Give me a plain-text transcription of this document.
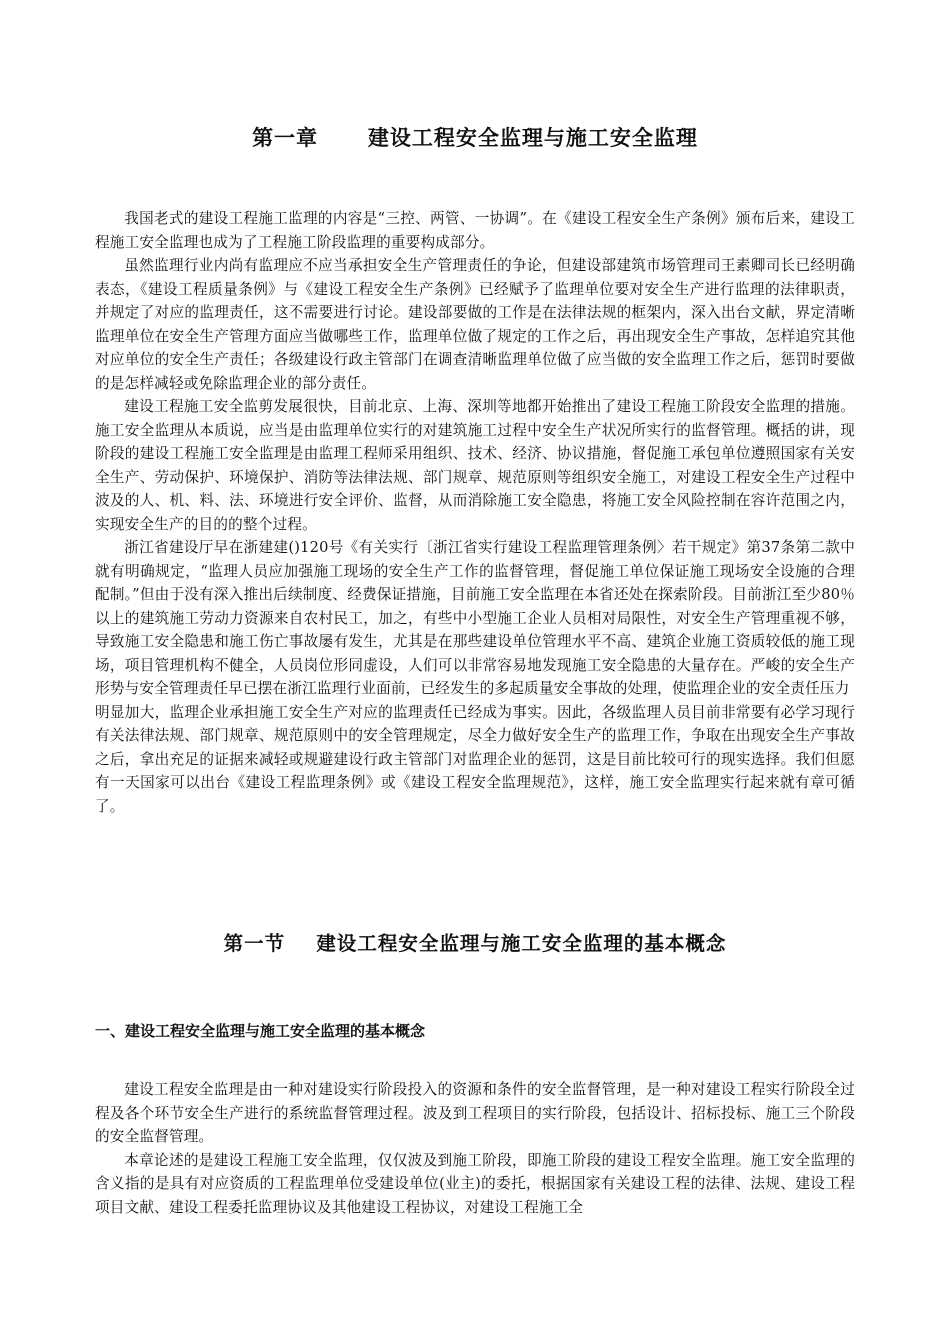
第一章      建设工程安全监理与施工安全监理

我国老式的建设工程施工监理的内容是“三控、两管、一协调”。在《建设工程安全生产条例》颁布后来，建设工程施工安全监理也成为了工程施工阶段监理的重要构成部分。

虽然监理行业内尚有监理应不应当承担安全生产管理责任的争论，但建设部建筑市场管理司王素卿司长已经明确表态，《建设工程质量条例》与《建设工程安全生产条例》已经赋予了监理单位要对安全生产进行监理的法律职责，并规定了对应的监理责任，这不需要进行讨论。建设部要做的工作是在法律法规的框架内，深入出台文献，界定清晰监理单位在安全生产管理方面应当做哪些工作，监理单位做了规定的工作之后，再出现安全生产事故，怎样追究其他对应单位的安全生产责任；各级建设行政主管部门在调查清晰监理单位做了应当做的安全监理工作之后，惩罚时要做的是怎样减轻或免除监理企业的部分责任。

建设工程施工安全监剪发展很快，目前北京、上海、深圳等地都开始推出了建设工程施工阶段安全监理的措施。施工安全监理从本质说，应当是由监理单位实行的对建筑施工过程中安全生产状况所实行的监督管理。概括的讲，现阶段的建设工程施工安全监理是由监理工程师采用组织、技术、经济、协议措施，督促施工承包单位遵照国家有关安全生产、劳动保护、环境保护、消防等法律法规、部门规章、规范原则等组织安全施工，对建设工程安全生产过程中波及的人、机、料、法、环境进行安全评价、监督，从而消除施工安全隐患，将施工安全风险控制在容许范围之内，实现安全生产的目的的整个过程。

浙江省建设厅早在浙建建()120号《有关实行〔浙江省实行建设工程监理管理条例〉若干规定》第37条第二款中就有明确规定，“监理人员应加强施工现场的安全生产工作的监督管理，督促施工单位保证施工现场安全设施的合理配制。”但由于没有深入推出后续制度、经费保证措施，目前施工安全监理在本省还处在探索阶段。目前浙江至少80％以上的建筑施工劳动力资源来自农村民工，加之，有些中小型施工企业人员相对局限性，对安全生产管理重视不够，导致施工安全隐患和施工伤亡事故屡有发生，尤其是在那些建设单位管理水平不高、建筑企业施工资质较低的施工现场，项目管理机构不健全，人员岗位形同虚设，人们可以非常容易地发现施工安全隐患的大量存在。严峻的安全生产形势与安全管理责任早已摆在浙江监理行业面前，已经发生的多起质量安全事故的处理，使监理企业的安全责任压力

明显加大，监理企业承担施工安全生产对应的监理责任已经成为事实。因此，各级监理人员目前非常要有必学习现行有关法律法规、部门规章、规范原则中的安全管理规定，尽全力做好安全生产的监理工作，争取在出现安全生产事故之后，拿出充足的证据来减轻或规避建设行政主管部门对监理企业的惩罚，这是目前比较可行的现实选择。我们但愿有一天国家可以出台《建设工程监理条例》或《建设工程安全监理规范》，这样，施工安全监理实行起来就有章可循了。

第一节    建设工程安全监理与施工安全监理的基本概念
一、建设工程安全监理与施工安全监理的基本概念

建设工程安全监理是由一种对建设实行阶段投入的资源和条件的安全监督管理，是一种对建设工程实行阶段全过程及各个环节安全生产进行的系统监督管理过程。波及到工程项目的实行阶段，包括设计、招标投标、施工三个阶段的安全监督管理。

本章论述的是建设工程施工安全监理，仅仅波及到施工阶段，即施工阶段的建设工程安全监理。施工安全监理的含义指的是具有对应资质的工程监理单位受建设单位(业主)的委托，根据国家有关建设工程的法律、法规、建设工程项目文献、建设工程委托监理协议及其他建设工程协议，对建设工程施工全
